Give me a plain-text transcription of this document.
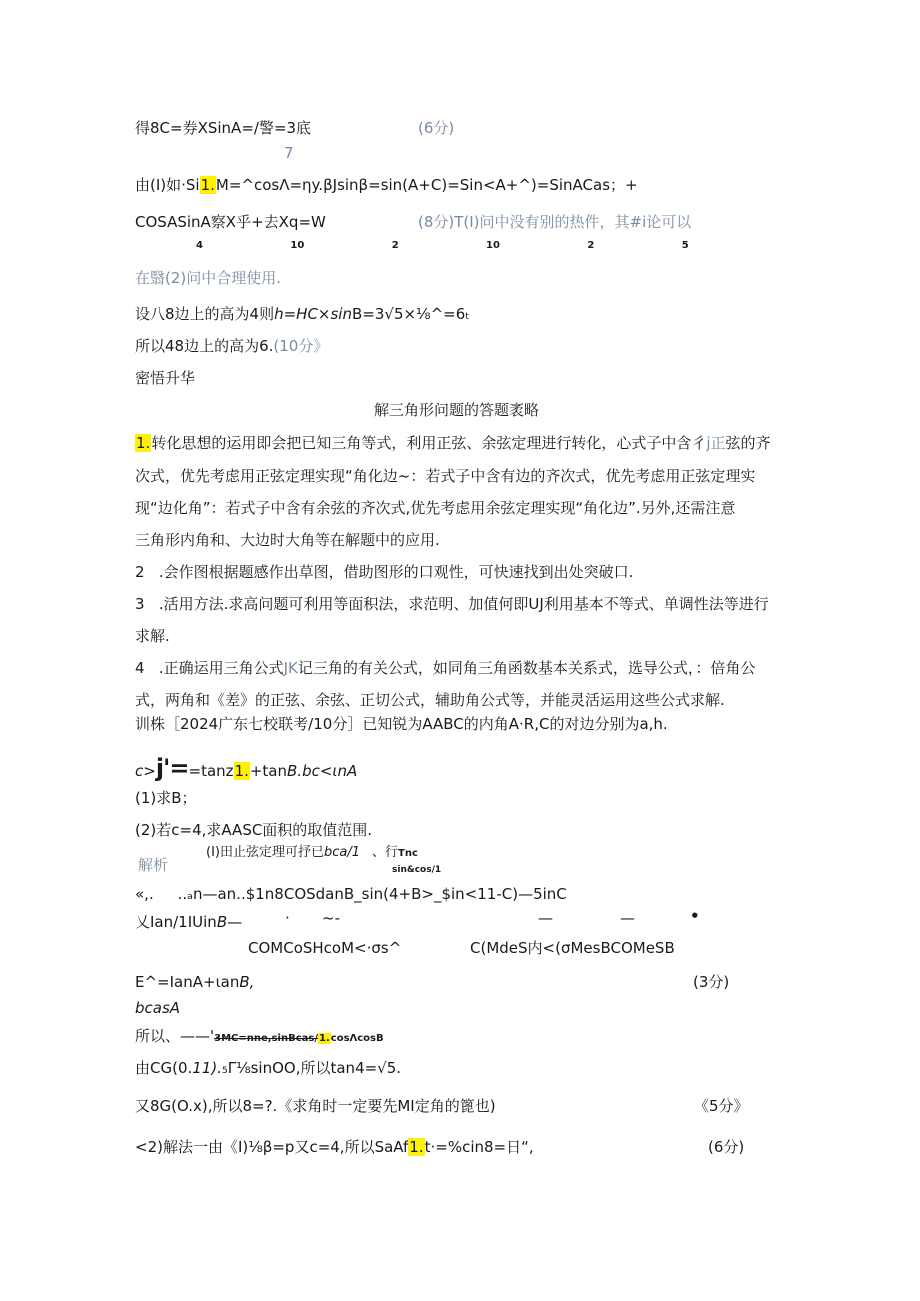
得8C=券XSinA=/警=3底	(6分)
7
由(I)如·Si1.M=^cosΛ=ηy.βJsinβ=sin(A+C)=Sin<A+^)=SinACas；+
COSASinA察X乎+去Xq=W	(8分)T(I)问中没有别的热件，其#i论可以
4     10     2     10     2     5
在翳(2)问中合理使用.
设八8边上的高为4则h=HC×sinB=3√5×⅛^=6ₜ
所以48边上的高为6.(10分》
密悟升华
解三角形问题的答题袤略
1.转化思想的运用即会把已知三角等式，利用正弦、余弦定理进行转化，心式子中含彳j正弦的齐
次式，优先考虑用正弦定理实现“角化边~：若式子中含有边的齐次式，优先考虑用正弦定理实
现“边化角”：若式子中含有余弦的齐次式,优先考虑用余弦定理实现“角化边”.另外,还需注意
三角形内角和、大边时大角等在解题中的应用.
2   .会作图根据题感作出草图，借助图形的口观性，可快速找到出处突破口.
3   .活用方法.求高问题可利用等面积法，求范明、加值何即UJ利用基本不等式、单调性法等进行
求解.
4   .正确运用三角公式JK记三角的有关公式，如同角三角函数基本关系式，选导公式，：倍角公
式，两角和《差》的正弦、余弦、正切公式，辅助角公式等，并能灵活运用这些公式求解.
训株［2024广东七校联考/10分］已知锐为AABC的内角A·R,C的对边分别为a,h.
c>j'==tanz1.+tanB.bc<ιnA
(1)求B；
(2)若c=4,求AASC面积的取值范围.
解析
(I)田止弦定理可抒已bca/1 、行Tnc
sin&cos/1
«,.     ..ₐn—an..$1n8COSdanB_sin(4+B>_$in<11-C)—5inC
乂Ian/1IUinB—	· ~-	—	—	•
COMCoSHcoM<·σs^	C(MdeS内<(σMesBCOMeSB
E^=IanA+ιanB,	(3分)
bcasA
所以、——'3MC=nne,sinBcas/1.cosΛcosB
由CG(0.11).5Γ⅛sinOO,所以tan4=√5.
又8G(O.x),所以8=?.《求角时一定要先MI定角的篦也)	《5分》
<2)解法一由《I)⅛β=p又c=4,所以SaAf1.t·=%cin8=日“,	(6分)
